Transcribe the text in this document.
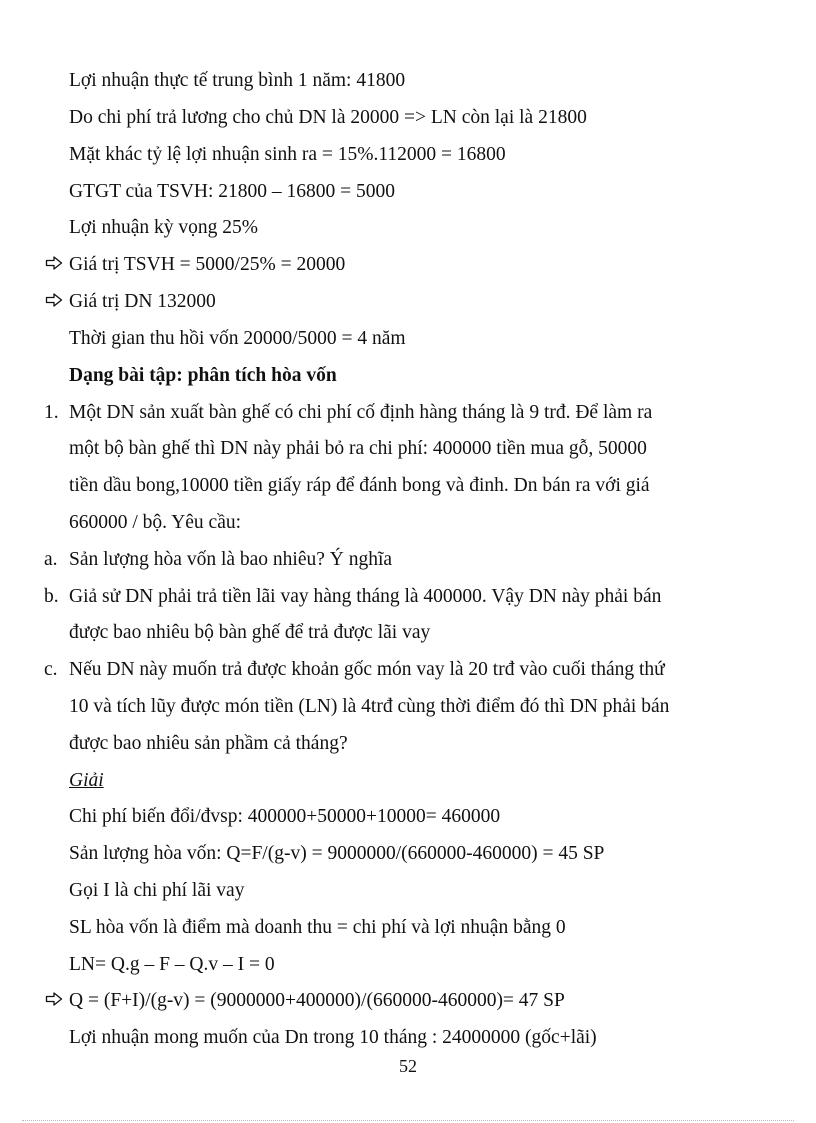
Lợi nhuận thực tế trung bình 1 năm: 41800
Do chi phí trả lương cho chủ DN là 20000 => LN còn lại là 21800
Mặt khác tỷ lệ lợi nhuận sinh ra = 15%.112000 = 16800
GTGT của TSVH: 21800 – 16800 = 5000
Lợi nhuận kỳ vọng 25%
Giá trị TSVH = 5000/25% = 20000
Giá trị DN 132000
Thời gian thu hồi vốn 20000/5000 = 4 năm
Dạng bài tập: phân tích hòa vốn
1. Một DN sản xuất bàn ghế có chi phí cố định hàng tháng là 9 trđ. Để làm ra
một bộ bàn ghế thì DN này phải bỏ ra chi phí: 400000 tiền mua gỗ, 50000
tiền dầu bong,10000 tiền giấy ráp để đánh bong và đinh. Dn bán ra với giá
660000 / bộ. Yêu cầu:
a. Sản lượng hòa vốn là bao nhiêu? Ý nghĩa
b. Giả sử DN phải trả tiền lãi vay hàng tháng là 400000. Vậy DN này phải bán
được bao nhiêu bộ bàn ghế để trả được lãi vay
c. Nếu DN này muốn trả được khoản gốc món vay là 20 trđ vào cuối tháng thứ
10 và tích lũy được món tiền (LN) là 4trđ cùng thời điểm đó thì DN phải bán
được bao nhiêu sản phầm cả tháng?
Giải
Chi phí biến đổi/đvsp: 400000+50000+10000= 460000
Sản lượng hòa vốn: Q=F/(g-v) = 9000000/(660000-460000) = 45 SP
Gọi I là chi phí lãi vay
SL hòa vốn là điểm mà doanh thu = chi phí và lợi nhuận bằng 0
LN= Q.g – F – Q.v – I = 0
Q = (F+I)/(g-v) = (9000000+400000)/(660000-460000)= 47 SP
Lợi nhuận mong muốn của Dn trong 10 tháng : 24000000 (gốc+lãi)
52
